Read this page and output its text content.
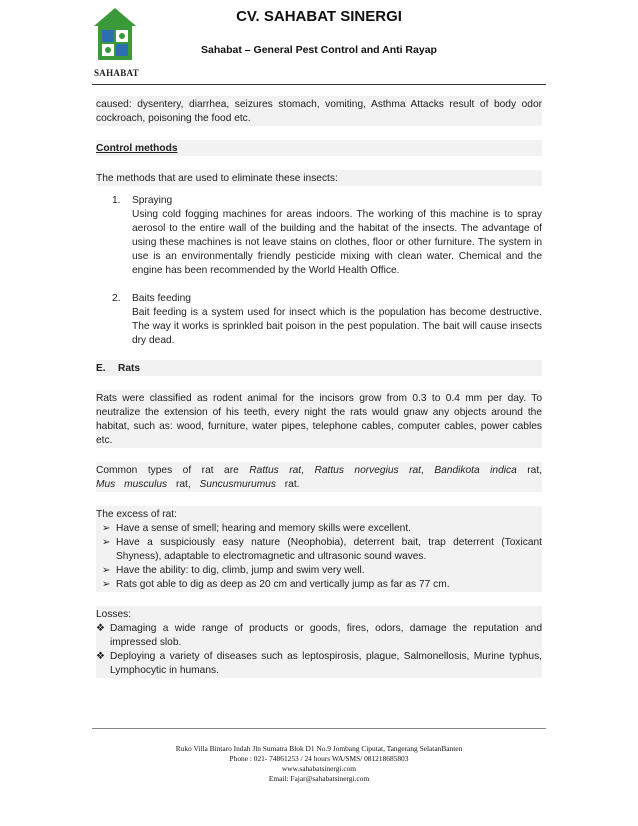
SAHABAT
CV. SAHABAT SINERGI
Sahabat – General Pest Control and Anti Rayap
caused: dysentery, diarrhea, seizures stomach, vomiting, Asthma Attacks result of body odor cockroach, poisoning the food etc.
Control methods
The methods that are used to eliminate these insects:
1. Spraying
Using cold fogging machines for areas indoors. The working of this machine is to spray aerosol to the entire wall of the building and the habitat of the insects. The advantage of using these machines is not leave stains on clothes, floor or other furniture. The system in use is an environmentally friendly pesticide mixing with clean water. Chemical and the engine has been recommended by the World Health Office.
2. Baits feeding
Bait feeding is a system used for insect which is the population has become destructive. The way it works is sprinkled bait poison in the pest population. The bait will cause insects dry dead.
E. Rats
Rats were classified as rodent animal for the incisors grow from 0.3 to 0.4 mm per day. To neutralize the extension of his teeth, every night the rats would gnaw any objects around the habitat, such as: wood, furniture, water pipes, telephone cables, computer cables, power cables etc.
Common types of rat are Rattus rat, Rattus norvegius rat, Bandikota indica rat, Mus musculus rat, Suncusmurumus rat.
The excess of rat:
➢ Have a sense of smell; hearing and memory skills were excellent.
➢ Have a suspiciously easy nature (Neophobia), deterrent bait, trap deterrent (Toxicant Shyness), adaptable to electromagnetic and ultrasonic sound waves.
➢ Have the ability: to dig, climb, jump and swim very well.
➢ Rats got able to dig as deep as 20 cm and vertically jump as far as 77 cm.
Losses:
❖ Damaging a wide range of products or goods, fires, odors, damage the reputation and impressed slob.
❖ Deploying a variety of diseases such as leptospirosis, plague, Salmonellosis, Murine typhus, Lymphocytic in humans.
Ruko Villa Bintaro Indah Jln Sumatra Blok D1 No.9 Jombang Ciputat, Tangerang SelatanBanten
Phone : 021- 74861253 / 24 hours WA/SMS/ 081218685803
www.sahabatsinergi.com
Email: Fajar@sahabatsinergi.com
